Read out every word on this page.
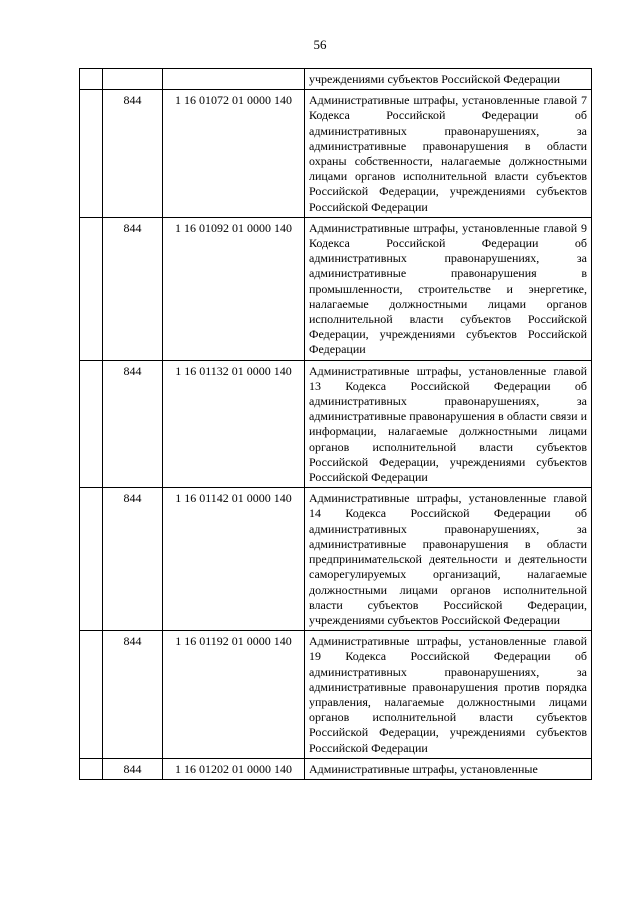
56
			учреждениями субъектов Российской Федерации
	844	1 16 01072 01 0000 140	Административные штрафы, установленные главой 7 Кодекса Российской Федерации об административных правонарушениях, за административные правонарушения в области охраны собственности, налагаемые должностными лицами органов исполнительной власти субъектов Российской Федерации, учреждениями субъектов Российской Федерации
	844	1 16 01092 01 0000 140	Административные штрафы, установленные главой 9 Кодекса Российской Федерации об административных правонарушениях, за административные правонарушения в промышленности, строительстве и энергетике, налагаемые должностными лицами органов исполнительной власти субъектов Российской Федерации, учреждениями субъектов Российской Федерации
	844	1 16 01132 01 0000 140	Административные штрафы, установленные главой 13 Кодекса Российской Федерации об административных правонарушениях, за административные правонарушения в области связи и информации, налагаемые должностными лицами органов исполнительной власти субъектов Российской Федерации, учреждениями субъектов Российской Федерации
	844	1 16 01142 01 0000 140	Административные штрафы, установленные главой 14 Кодекса Российской Федерации об административных правонарушениях, за административные правонарушения в области предпринимательской деятельности и деятельности саморегулируемых организаций, налагаемые должностными лицами органов исполнительной власти субъектов Российской Федерации, учреждениями субъектов Российской Федерации
	844	1 16 01192 01 0000 140	Административные штрафы, установленные главой 19 Кодекса Российской Федерации об административных правонарушениях, за административные правонарушения против порядка управления, налагаемые должностными лицами органов исполнительной власти субъектов Российской Федерации, учреждениями субъектов Российской Федерации
	844	1 16 01202 01 0000 140	Административные штрафы, установленные
